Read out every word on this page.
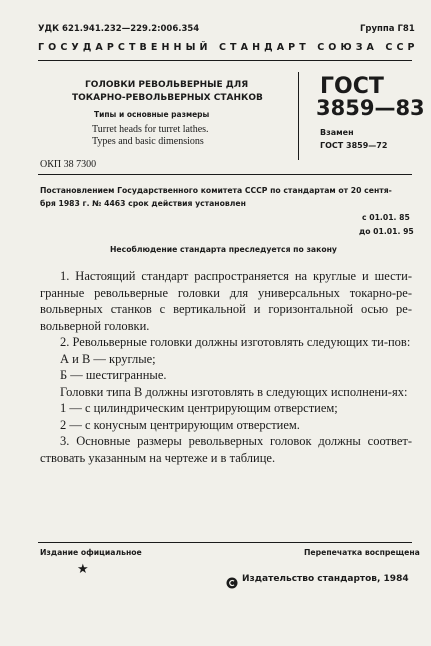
УДК 621.941.232—229.2:006.354	Группа Г81
ГОСУДАРСТВЕННЫЙ СТАНДАРТ СОЮЗА ССР
ГОЛОВКИ РЕВОЛЬВЕРНЫЕ ДЛЯ
ТОКАРНО-РЕВОЛЬВЕРНЫХ СТАНКОВ
Типы и основные размеры
Turret heads for turret lathes.
Types and basic dimensions
ГОСТ
3859—83
Взамен
ГОСТ 3859—72
ОКП 38 7300
Постановлением Государственного комитета СССР по стандартам от 20 сентя-
бря 1983 г. № 4463 срок действия установлен
с 01.01. 85
до 01.01. 95
Несоблюдение стандарта преследуется по закону

1. Настоящий стандарт распространяется на круглые и шести-гранные револьверные головки для универсальных токарно-ре-вольверных станков с вертикальной и горизонтальной осью ре-вольверной головки.

2. Револьверные головки должны изготовлять следующих ти-пов:

А и В — круглые;

Б — шестигранные.

Головки типа В должны изготовлять в следующих исполнени-ях:

1 — с цилиндрическим центрирующим отверстием;

2 — с конусным центрирующим отверстием.

3. Основные размеры револьверных головок должны соответ-ствовать указанным на чертеже и в таблице.

Издание официальное	Перепечатка воспрещена
★
Издательство стандартов, 1984
